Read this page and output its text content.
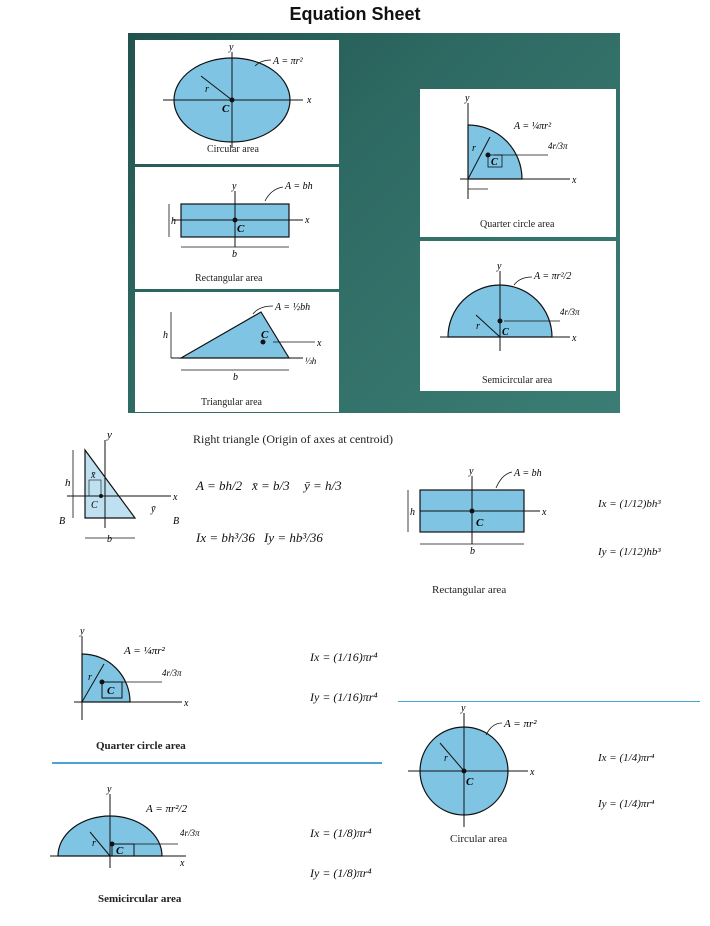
Equation Sheet
C
x
y
r
A = πr²
Circular area
C
x
y
h
b
A = bh
Rectangular area
C
x
h
b
⅓h
A = ½bh
Triangular area
C
x
y
r	4r/3π
A = ¼πr²
Quarter circle area
C
x
y
r
4r/3π
A = πr²/2
Semicircular area
y
h
C
b
B	B
x
x̄
ȳ
Right triangle (Origin of axes at centroid)
A = bh/2 x̄ = b/3 ȳ = h/3
Ix = bh³/36 Iy = hb³/36
C
x
y
h
b
A = bh
Rectangular area
Ix = (1/12)bh³
Iy = (1/12)hb³
C
x
y
r	4r/3π
A = ¼πr²
Quarter circle area
Ix = (1/16)πr⁴
Iy = (1/16)πr⁴
C
x
y
r
4r/3π
A = πr²/2
Semicircular area
Ix = (1/8)πr⁴
Iy = (1/8)πr⁴
C
x
y
r
A = πr²
Circular area
Ix = (1/4)πr⁴
Iy = (1/4)πr⁴
